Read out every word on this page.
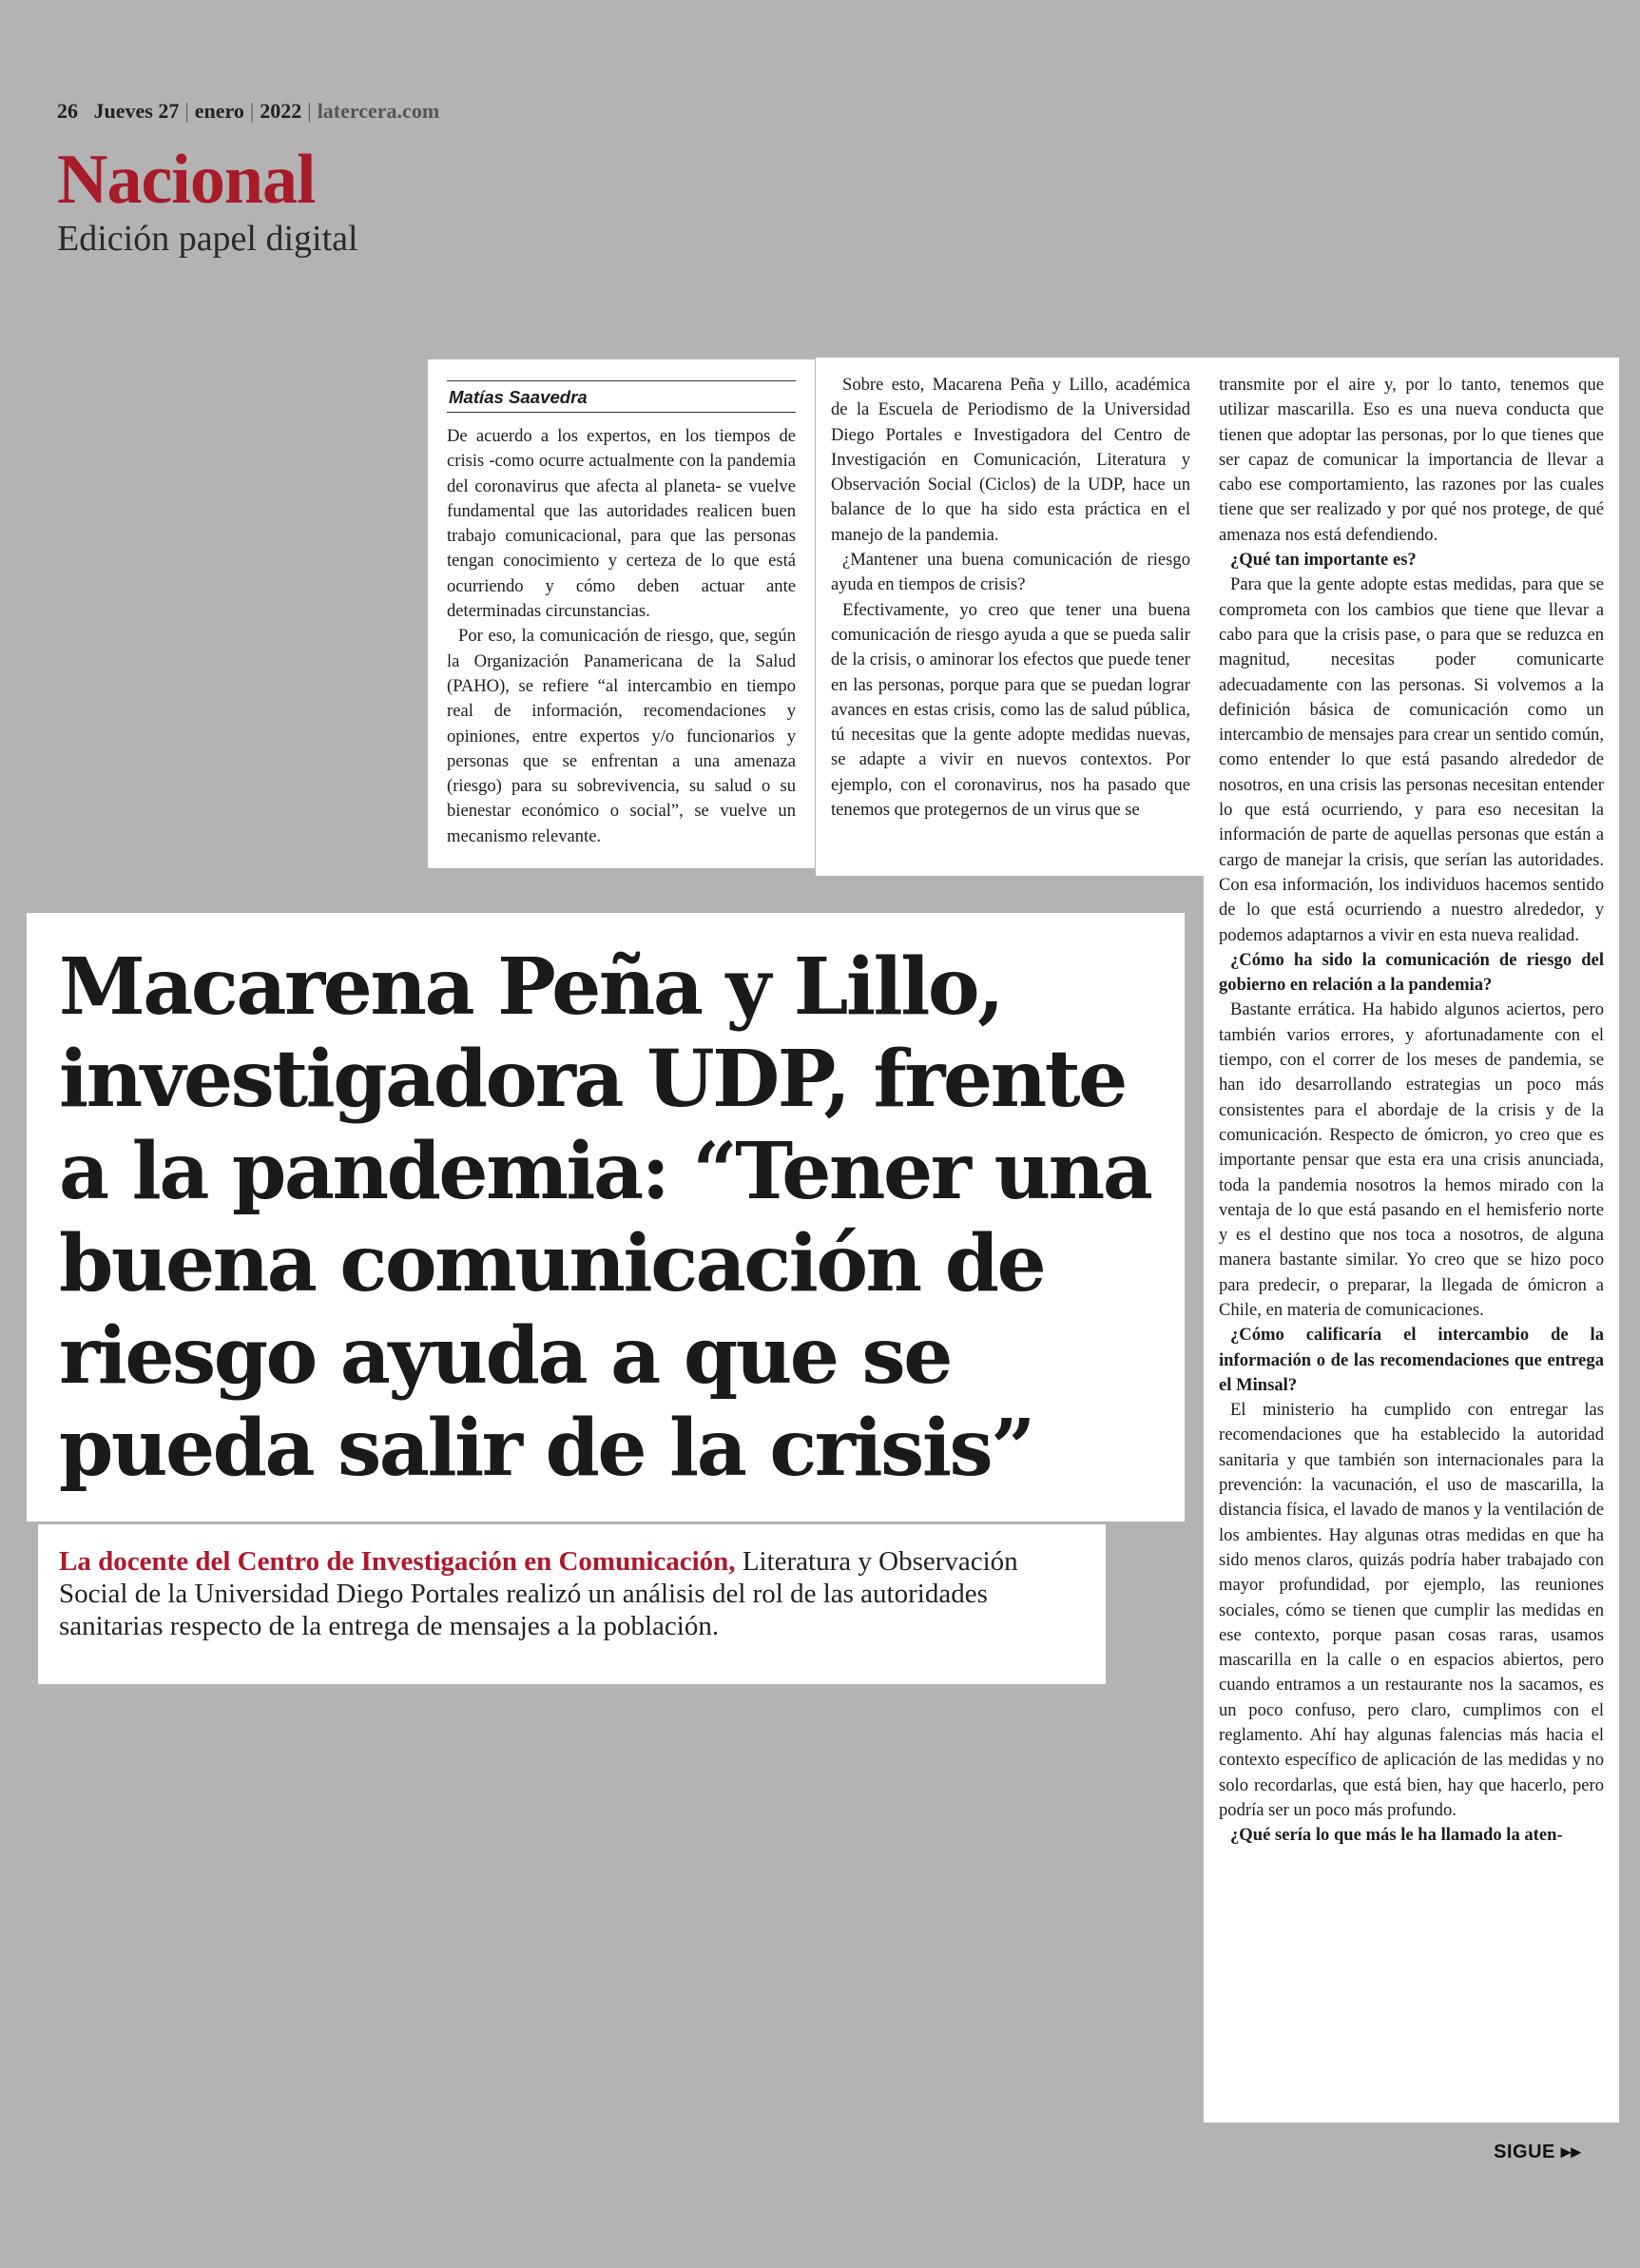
26 Jueves 27 | enero | 2022 | latercera.com
Nacional
Edición papel digital
Matías Saavedra

De acuerdo a los expertos, en los tiempos de crisis -como ocurre actualmente con la pandemia del coronavirus que afecta al planeta- se vuelve fundamental que las autoridades realicen buen trabajo comunicacional, para que las personas tengan conocimiento y certeza de lo que está ocurriendo y cómo deben actuar ante determinadas circunstancias.

Por eso, la comunicación de riesgo, que, según la Organización Panamericana de la Salud (PAHO), se refiere “al intercambio en tiempo real de información, recomendaciones y opiniones, entre expertos y/o funcionarios y personas que se enfrentan a una amenaza (riesgo) para su sobrevivencia, su salud o su bienestar económico o social”, se vuelve un mecanismo relevante.

Sobre esto, Macarena Peña y Lillo, académica de la Escuela de Periodismo de la Universidad Diego Portales e Investigadora del Centro de Investigación en Comunicación, Literatura y Observación Social (Ciclos) de la UDP, hace un balance de lo que ha sido esta práctica en el manejo de la pandemia.

¿Mantener una buena comunicación de riesgo ayuda en tiempos de crisis?

Efectivamente, yo creo que tener una buena comunicación de riesgo ayuda a que se pueda salir de la crisis, o aminorar los efectos que puede tener en las personas, porque para que se puedan lograr avances en estas crisis, como las de salud pública, tú necesitas que la gente adopte medidas nuevas, se adapte a vivir en nuevos contextos. Por ejemplo, con el coronavirus, nos ha pasado que tenemos que protegernos de un virus que se

transmite por el aire y, por lo tanto, tenemos que utilizar mascarilla. Eso es una nueva conducta que tienen que adoptar las personas, por lo que tienes que ser capaz de comunicar la importancia de llevar a cabo ese comportamiento, las razones por las cuales tiene que ser realizado y por qué nos protege, de qué amenaza nos está defendiendo.

¿Qué tan importante es?

Para que la gente adopte estas medidas, para que se comprometa con los cambios que tiene que llevar a cabo para que la crisis pase, o para que se reduzca en magnitud, necesitas poder comunicarte adecuadamente con las personas. Si volvemos a la definición básica de comunicación como un intercambio de mensajes para crear un sentido común, como entender lo que está pasando alrededor de nosotros, en una crisis las personas necesitan entender lo que está ocurriendo, y para eso necesitan la información de parte de aquellas personas que están a cargo de manejar la crisis, que serían las autoridades. Con esa información, los individuos hacemos sentido de lo que está ocurriendo a nuestro alrededor, y podemos adaptarnos a vivir en esta nueva realidad.

¿Cómo ha sido la comunicación de riesgo del gobierno en relación a la pandemia?

Bastante errática. Ha habido algunos aciertos, pero también varios errores, y afortunadamente con el tiempo, con el correr de los meses de pandemia, se han ido desarrollando estrategias un poco más consistentes para el abordaje de la crisis y de la comunicación. Respecto de ómicron, yo creo que es importante pensar que esta era una crisis anunciada, toda la pandemia nosotros la hemos mirado con la ventaja de lo que está pasando en el hemisferio norte y es el destino que nos toca a nosotros, de alguna manera bastante similar. Yo creo que se hizo poco para predecir, o preparar, la llegada de ómicron a Chile, en materia de comunicaciones.

¿Cómo calificaría el intercambio de la información o de las recomendaciones que entrega el Minsal?

El ministerio ha cumplido con entregar las recomendaciones que ha establecido la autoridad sanitaria y que también son internacionales para la prevención: la vacunación, el uso de mascarilla, la distancia física, el lavado de manos y la ventilación de los ambientes. Hay algunas otras medidas en que ha sido menos claros, quizás podría haber trabajado con mayor profundidad, por ejemplo, las reuniones sociales, cómo se tienen que cumplir las medidas en ese contexto, porque pasan cosas raras, usamos mascarilla en la calle o en espacios abiertos, pero cuando entramos a un restaurante nos la sacamos, es un poco confuso, pero claro, cumplimos con el reglamento. Ahí hay algunas falencias más hacia el contexto específico de aplicación de las medidas y no solo recordarlas, que está bien, hay que hacerlo, pero podría ser un poco más profundo.

¿Qué sería lo que más le ha llamado la aten-

Macarena Peña y Lillo, investigadora UDP, frente a la pandemia: “Tener una buena comunicación de riesgo ayuda a que se pueda salir de la crisis”

La docente del Centro de Investigación en Comunicación, Literatura y Observación Social de la Universidad Diego Portales realizó un análisis del rol de las autoridades sanitarias respecto de la entrega de mensajes a la población.

SIGUE ▸▸
